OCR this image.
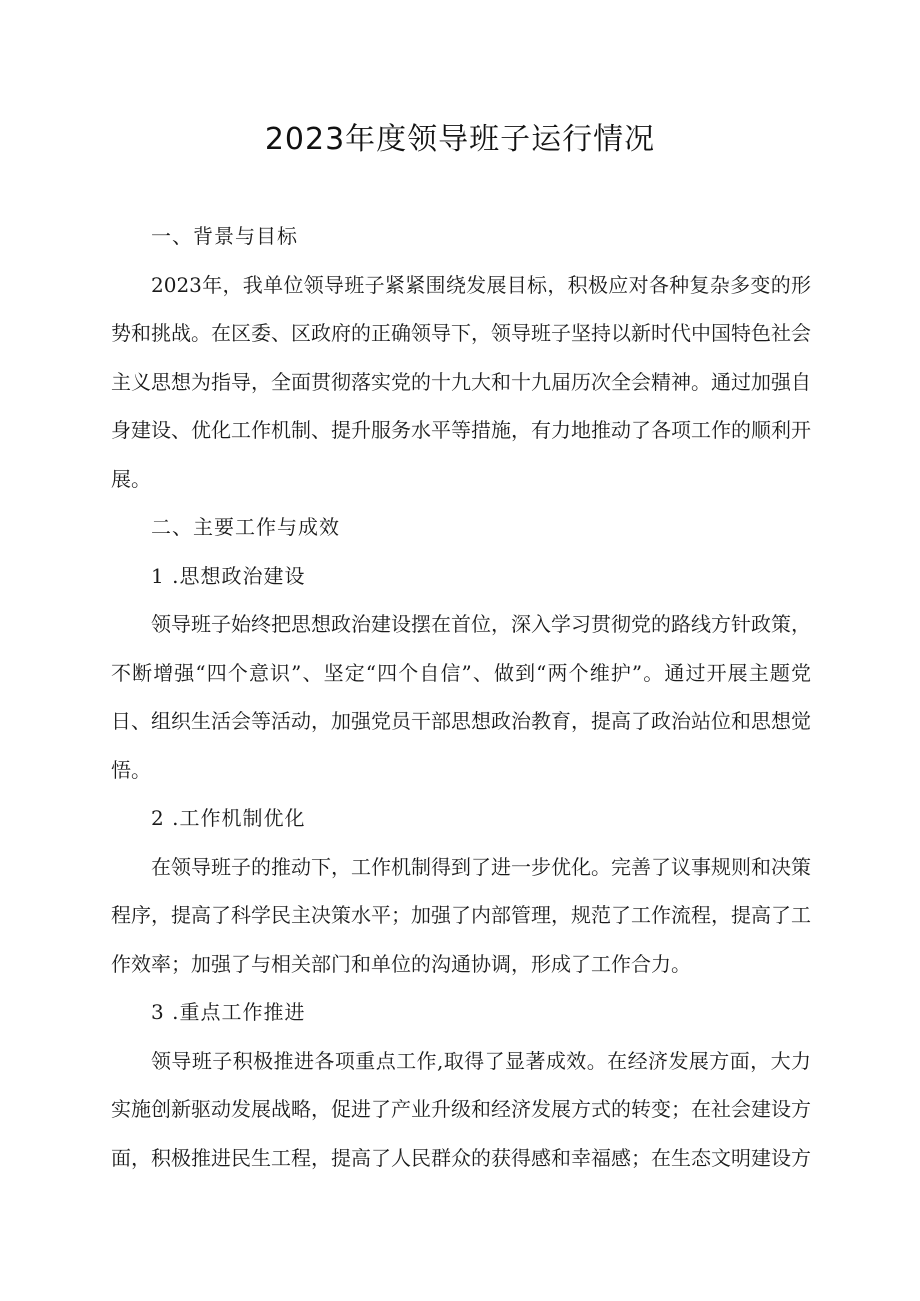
2023年度领导班子运行情况

一、背景与目标

2023年，我单位领导班子紧紧围绕发展目标，积极应对各种复杂多变的形势和挑战。在区委、区政府的正确领导下，领导班子坚持以新时代中国特色社会主义思想为指导，全面贯彻落实党的十九大和十九届历次全会精神。通过加强自身建设、优化工作机制、提升服务水平等措施，有力地推动了各项工作的顺利开展。

二、主要工作与成效

1 .思想政治建设

领导班子始终把思想政治建设摆在首位，深入学习贯彻党的路线方针政策，不断增强“四个意识”、坚定“四个自信”、做到“两个维护”。通过开展主题党日、组织生活会等活动，加强党员干部思想政治教育，提高了政治站位和思想觉悟。

2 .工作机制优化

在领导班子的推动下，工作机制得到了进一步优化。完善了议事规则和决策程序，提高了科学民主决策水平；加强了内部管理，规范了工作流程，提高了工作效率；加强了与相关部门和单位的沟通协调，形成了工作合力。

3 .重点工作推进

领导班子积极推进各项重点工作,取得了显著成效。在经济发展方面，大力实施创新驱动发展战略，促进了产业升级和经济发展方式的转变；在社会建设方面，积极推进民生工程，提高了人民群众的获得感和幸福感；在生态文明建设方
